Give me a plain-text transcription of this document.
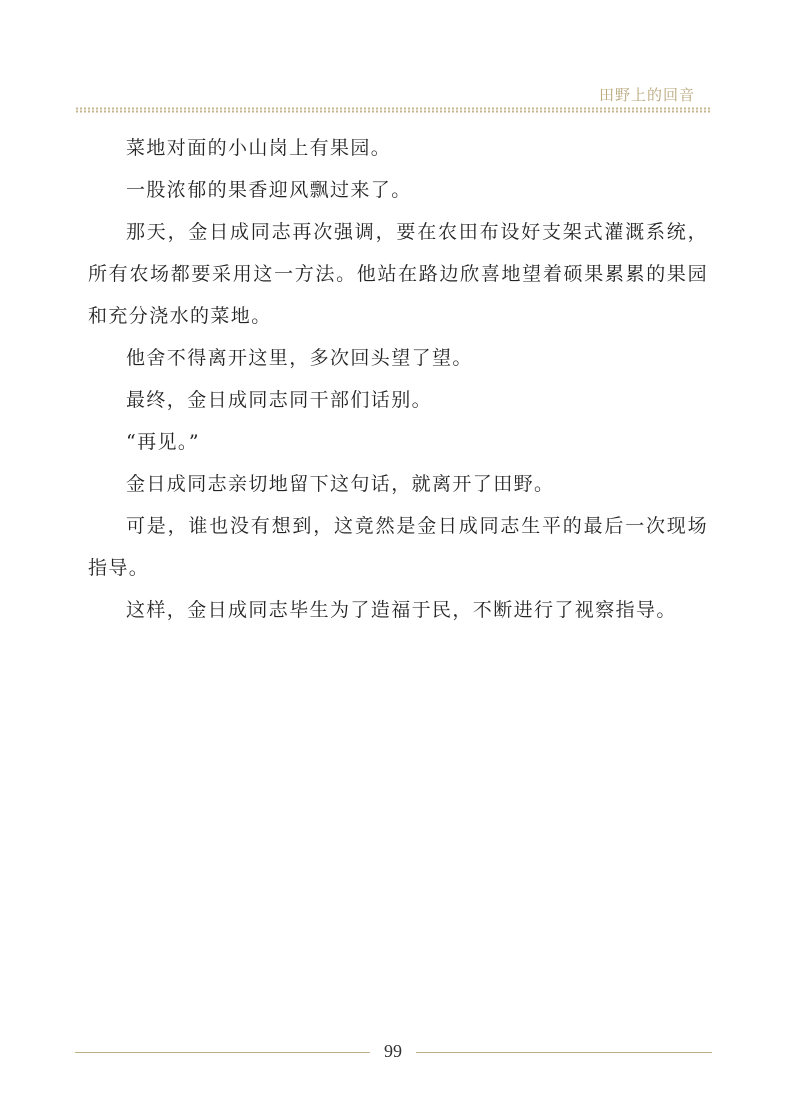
田野上的回音

菜地对面的小山岗上有果园。

一股浓郁的果香迎风飘过来了。

那天，金日成同志再次强调，要在农田布设好支架式灌溉系统，所有农场都要采用这一方法。他站在路边欣喜地望着硕果累累的果园和充分浇水的菜地。

他舍不得离开这里，多次回头望了望。

最终，金日成同志同干部们话别。

“再见。”

金日成同志亲切地留下这句话，就离开了田野。

可是，谁也没有想到，这竟然是金日成同志生平的最后一次现场指导。

这样，金日成同志毕生为了造福于民，不断进行了视察指导。

99
